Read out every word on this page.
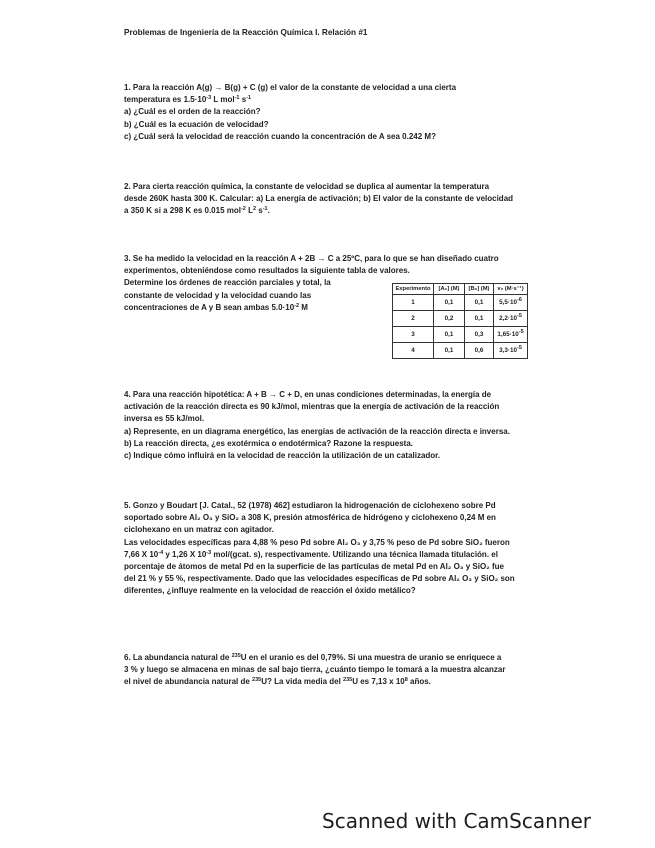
Problemas de Ingeniería de la Reacción Química I. Relación #1

1. Para la reacción A(g) → B(g) + C (g) el valor de la constante de velocidad a una cierta

temperatura es $1.5\cdot 10^{-3}$ L mol$^{-1}$ $s^{-1}$

a) ¿Cuál es el orden de la reacción?

b) ¿Cuál es la ecuación de velocidad?

c) ¿Cuál será la velocidad de reacción cuando la concentración de A sea 0.242 M?

2. Para cierta reacción química, la constante de velocidad se duplica al aumentar la temperatura

desde 260K hasta 300 K. Calcular: a) La energía de activación; b) El valor de la constante de velocidad

a 350 K si a 298 K es 0.015 mol$^{-2}$ $L^2$ $s^{-1}$.

3. Se ha medido la velocidad en la reacción A + 2B → C a 25ºC, para lo que se han diseñado cuatro

experimentos, obteniéndose como resultados la siguiente tabla de valores.

Determine los órdenes de reacción parciales y total, la

constante de velocidad y la velocidad cuando las

concentraciones de A y B sean ambas $5.0\cdot 10^{-2}$ M

Experimento	[A₀] (M)	[B₀] (M)	v₀ (M·s⁻¹)
1	0,1	0,1	$5,5\cdot 10^{-6}$
2	0,2	0,1	$2,2\cdot 10^{-5}$
3	0,1	0,3	$1,65\cdot 10^{-5}$
4	0,1	0,6	$3,3\cdot 10^{-5}$

4. Para una reacción hipotética: A + B → C + D, en unas condiciones determinadas, la energía de

activación de la reacción directa es 90 kJ/mol, mientras que la energía de activación de la reacción

inversa es 55 kJ/mol.

a) Represente, en un diagrama energético, las energías de activación de la reacción directa e inversa.

b) La reacción directa, ¿es exotérmica o endotérmica? Razone la respuesta.

c) Indique cómo influirá en la velocidad de reacción la utilización de un catalizador.

5. Gonzo y Boudart [J. Catal., 52 (1978) 462] estudiaron la hidrogenación de ciclohexeno sobre Pd

soportado sobre Al₂ O₃ y SiO₂ a 308 K, presión atmosférica de hidrógeno y ciclohexeno 0,24 M en

ciclohexano en un matraz con agitador.

Las velocidades específicas para 4,88 % peso Pd sobre Al₂ O₃ y 3,75 % peso de Pd sobre SiO₂ fueron

7,66 X $10^{-4}$ y 1,26 X $10^{-3}$ mol/(gcat. s), respectivamente. Utilizando una técnica llamada titulación. el

porcentaje de átomos de metal Pd en la superficie de las partículas de metal Pd en Al₂ O₃ y SiO₂ fue

del 21 % y 55 %, respectivamente. Dado que las velocidades específicas de Pd sobre Al₂ O₃ y SiO₂ son

diferentes, ¿influye realmente en la velocidad de reacción el óxido metálico?

6. La abundancia natural de $^{235}$U en el uranio es del 0,79%. Si una muestra de uranio se enriquece a

3 % y luego se almacena en minas de sal bajo tierra, ¿cuánto tiempo le tomará a la muestra alcanzar

el nivel de abundancia natural de $^{235}$U? La vida media del $^{235}$U es 7,13 x $10^8$ años.

Scanned with CamScanner
